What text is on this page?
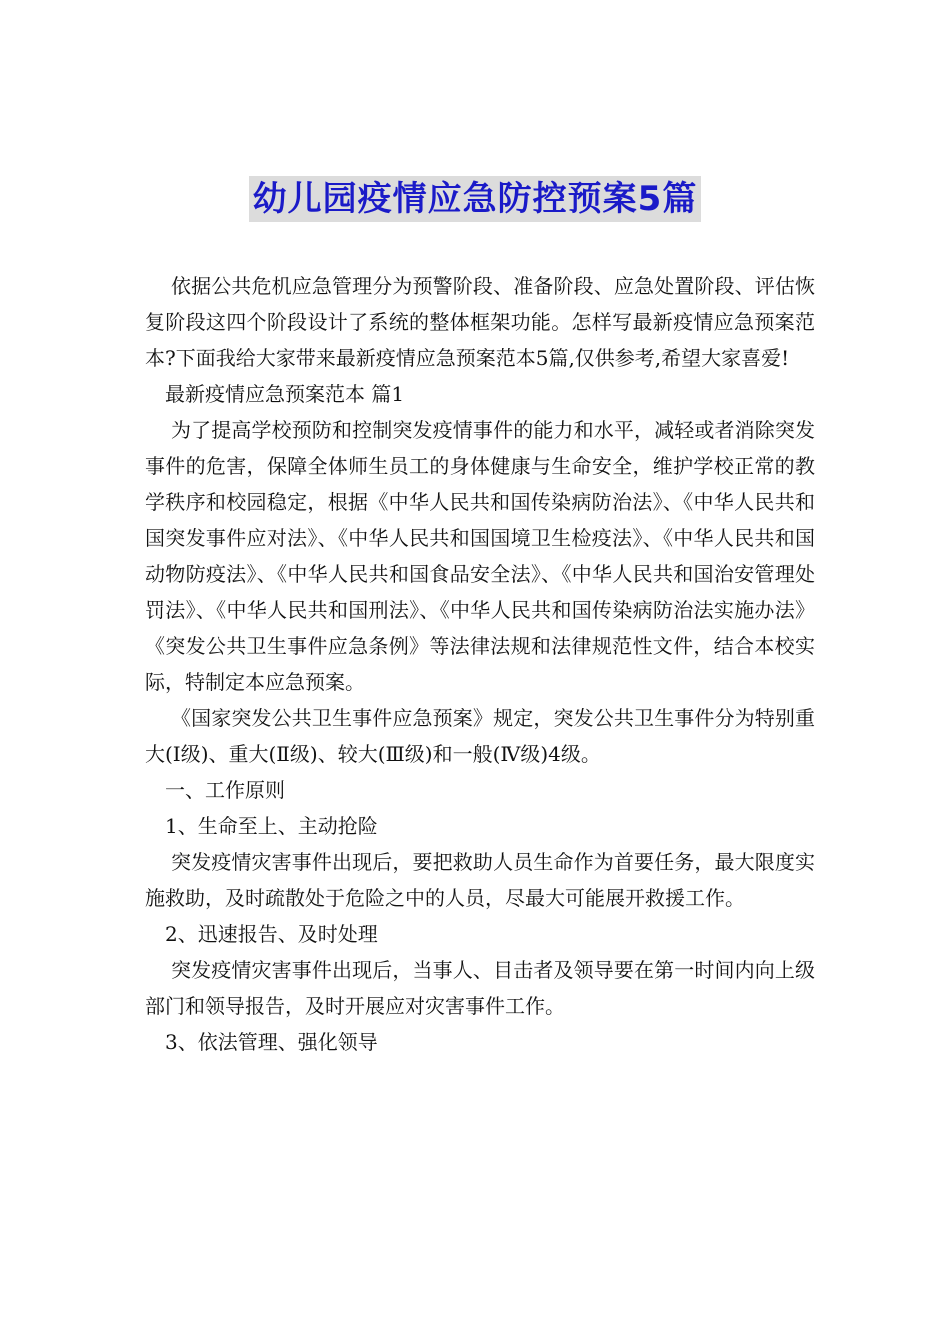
幼儿园疫情应急防控预案5篇

依据公共危机应急管理分为预警阶段、准备阶段、应急处置阶段、评估恢复阶段这四个阶段设计了系统的整体框架功能。怎样写最新疫情应急预案范本?下面我给大家带来最新疫情应急预案范本5篇,仅供参考,希望大家喜爱!

最新疫情应急预案范本 篇1

为了提高学校预防和控制突发疫情事件的能力和水平，减轻或者消除突发事件的危害，保障全体师生员工的身体健康与生命安全，维护学校正常的教学秩序和校园稳定，根据《中华人民共和国传染病防治法》、《中华人民共和国突发事件应对法》、《中华人民共和国国境卫生检疫法》、《中华人民共和国动物防疫法》、《中华人民共和国食品安全法》、《中华人民共和国治安管理处罚法》、《中华人民共和国刑法》、《中华人民共和国传染病防治法实施办法》《突发公共卫生事件应急条例》等法律法规和法律规范性文件，结合本校实际，特制定本应急预案。

《国家突发公共卫生事件应急预案》规定，突发公共卫生事件分为特别重大(Ⅰ级)、重大(Ⅱ级)、较大(Ⅲ级)和一般(Ⅳ级)4级。

一、工作原则

1、生命至上、主动抢险

突发疫情灾害事件出现后，要把救助人员生命作为首要任务，最大限度实施救助，及时疏散处于危险之中的人员，尽最大可能展开救援工作。

2、迅速报告、及时处理

突发疫情灾害事件出现后，当事人、目击者及领导要在第一时间内向上级部门和领导报告，及时开展应对灾害事件工作。

3、依法管理、强化领导
